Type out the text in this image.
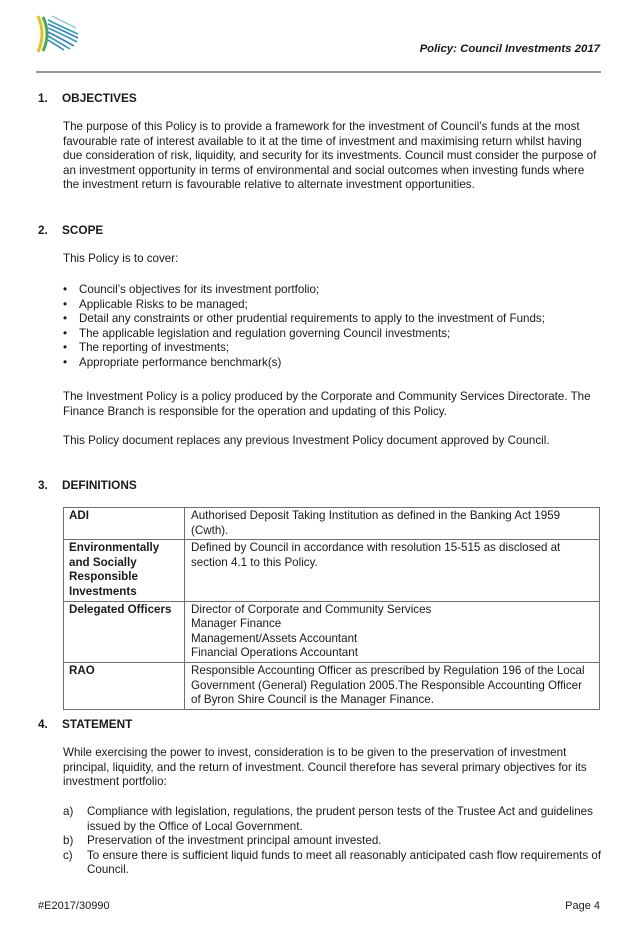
Policy: Council Investments 2017
1. OBJECTIVES

The purpose of this Policy is to provide a framework for the investment of Council’s funds at the most favourable rate of interest available to it at the time of investment and maximising return whilst having due consideration of risk, liquidity, and security for its investments. Council must consider the purpose of an investment opportunity in terms of environmental and social outcomes when investing funds where the investment return is favourable relative to alternate investment opportunities.

2. SCOPE

This Policy is to cover:

• Council’s objectives for its investment portfolio;
• Applicable Risks to be managed;
• Detail any constraints or other prudential requirements to apply to the investment of Funds;
• The applicable legislation and regulation governing Council investments;
• The reporting of investments;
• Appropriate performance benchmark(s)

The Investment Policy is a policy produced by the Corporate and Community Services Directorate. The Finance Branch is responsible for the operation and updating of this Policy.

This Policy document replaces any previous Investment Policy document approved by Council.

3. DEFINITIONS
ADI	Authorised Deposit Taking Institution as defined in the Banking Act 1959 (Cwth).

Environmentally and Socially Responsible Investments	Defined by Council in accordance with resolution 15-515 as disclosed at section 4.1 to this Policy.

Delegated Officers	Director of Corporate and Community Services
Manager Finance
Management/Assets Accountant
Financial Operations Accountant

RAO	Responsible Accounting Officer as prescribed by Regulation 196 of the Local Government (General) Regulation 2005.The Responsible Accounting Officer of Byron Shire Council is the Manager Finance.
4. STATEMENT

While exercising the power to invest, consideration is to be given to the preservation of investment principal, liquidity, and the return of investment. Council therefore has several primary objectives for its investment portfolio:

a) Compliance with legislation, regulations, the prudent person tests of the Trustee Act and guidelines issued by the Office of Local Government.
b) Preservation of the investment principal amount invested.
c) To ensure there is sufficient liquid funds to meet all reasonably anticipated cash flow requirements of Council.
#E2017/30990	Page 4
